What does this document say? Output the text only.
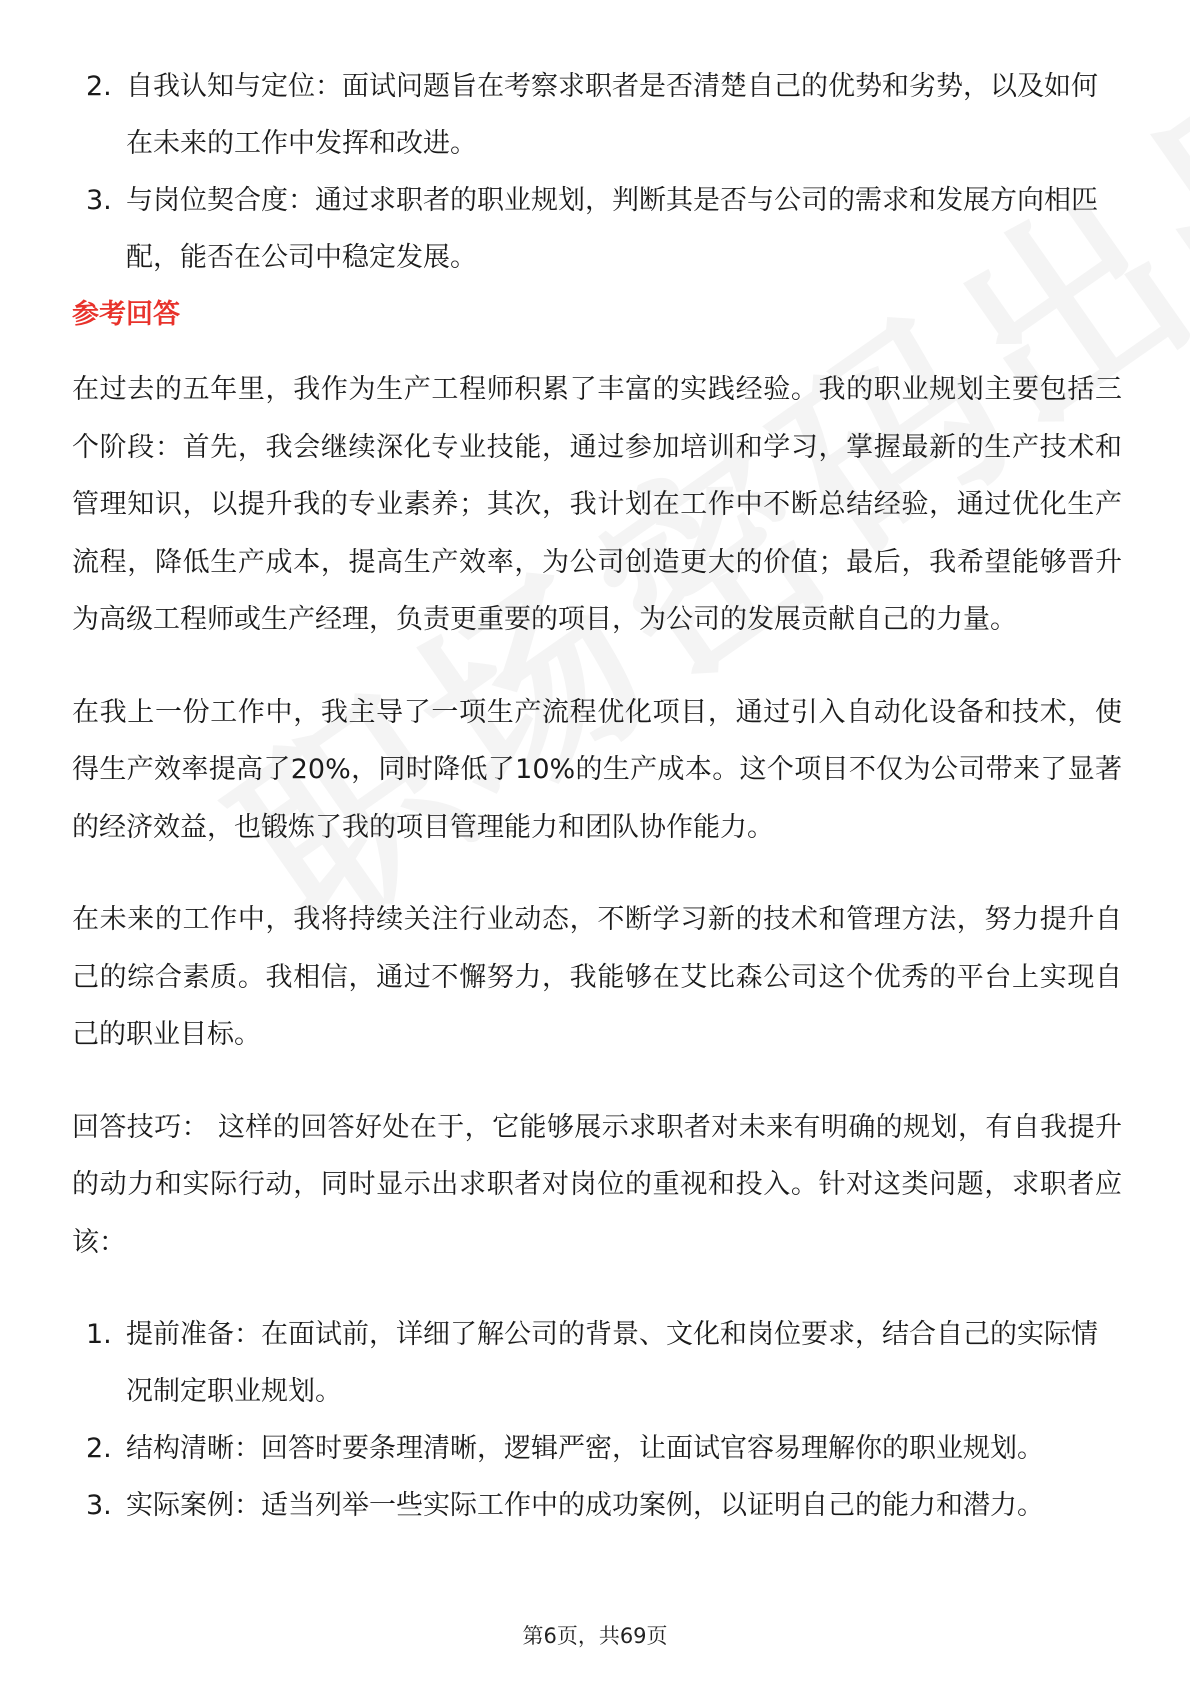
2. 自我认知与定位：面试问题旨在考察求职者是否清楚自己的优势和劣势，以及如何在未来的工作中发挥和改进。
3. 与岗位契合度：通过求职者的职业规划，判断其是否与公司的需求和发展方向相匹配，能否在公司中稳定发展。
参考回答

在过去的五年里，我作为生产工程师积累了丰富的实践经验。我的职业规划主要包括三个阶段：首先，我会继续深化专业技能，通过参加培训和学习，掌握最新的生产技术和管理知识，以提升我的专业素养；其次，我计划在工作中不断总结经验，通过优化生产流程，降低生产成本，提高生产效率，为公司创造更大的价值；最后，我希望能够晋升为高级工程师或生产经理，负责更重要的项目，为公司的发展贡献自己的力量。

在我上一份工作中，我主导了一项生产流程优化项目，通过引入自动化设备和技术，使得生产效率提高了20%，同时降低了10%的生产成本。这个项目不仅为公司带来了显著的经济效益，也锻炼了我的项目管理能力和团队协作能力。

在未来的工作中，我将持续关注行业动态，不断学习新的技术和管理方法，努力提升自己的综合素质。我相信，通过不懈努力，我能够在艾比森公司这个优秀的平台上实现自己的职业目标。

回答技巧： 这样的回答好处在于，它能够展示求职者对未来有明确的规划，有自我提升的动力和实际行动，同时显示出求职者对岗位的重视和投入。针对这类问题，求职者应该：

1. 提前准备：在面试前，详细了解公司的背景、文化和岗位要求，结合自己的实际情况制定职业规划。
2. 结构清晰：回答时要条理清晰，逻辑严密，让面试官容易理解你的职业规划。
3. 实际案例：适当列举一些实际工作中的成功案例，以证明自己的能力和潜力。
第6页，共69页
